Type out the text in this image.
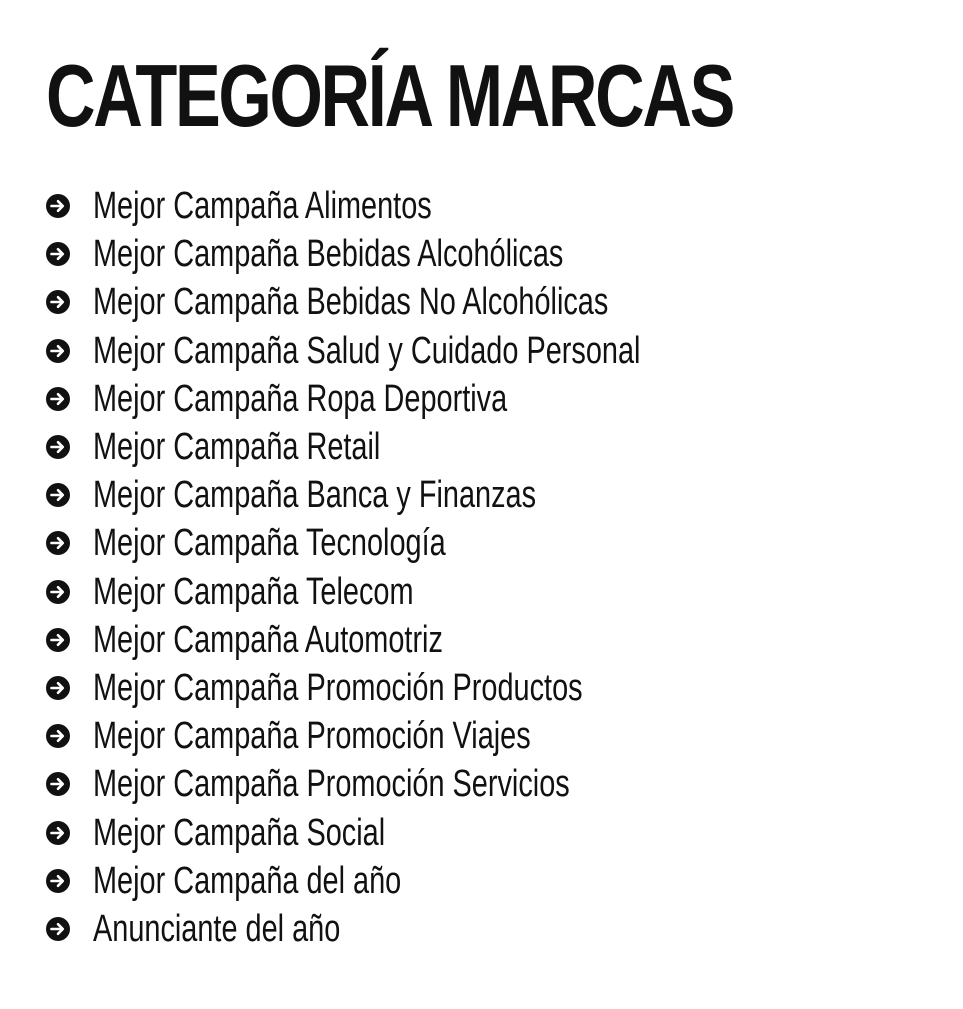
CATEGORÍA MARCAS
Mejor Campaña Alimentos
Mejor Campaña Bebidas Alcohólicas
Mejor Campaña Bebidas No Alcohólicas
Mejor Campaña Salud y Cuidado Personal
Mejor Campaña Ropa Deportiva
Mejor Campaña Retail
Mejor Campaña Banca y Finanzas
Mejor Campaña Tecnología
Mejor Campaña Telecom
Mejor Campaña Automotriz
Mejor Campaña Promoción Productos
Mejor Campaña Promoción Viajes
Mejor Campaña Promoción Servicios
Mejor Campaña Social
Mejor Campaña del año
Anunciante del año
